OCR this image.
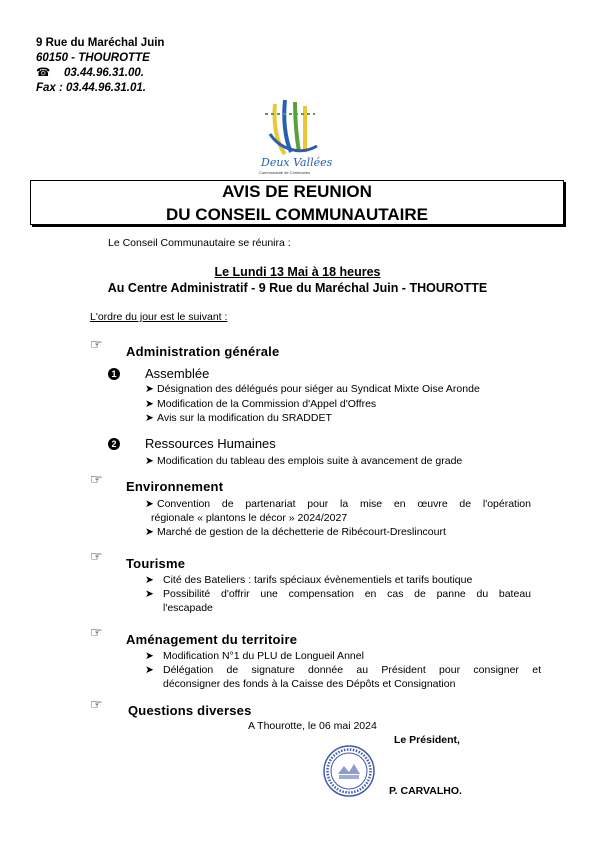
9 Rue du Maréchal Juin
60150 - THOUROTTE
☎ 03.44.96.31.00.
Fax : 03.44.96.31.01.
Deux Vallées
Communauté de Communes
AVIS DE REUNION
DU CONSEIL COMMUNAUTAIRE
Le Conseil Communautaire se réunira :
Le Lundi 13 Mai à 18 heures
Au Centre Administratif - 9 Rue du Maréchal Juin - THOUROTTE
L'ordre du jour est le suivant :
☞ Administration générale
1 Assemblée
➤ Désignation des délégués pour siéger au Syndicat Mixte Oise Aronde
➤ Modification de la Commission d'Appel d'Offres
➤ Avis sur la modification du SRADDET
2 Ressources Humaines
➤ Modification du tableau des emplois suite à avancement de grade
☞ Environnement
➤ Convention de partenariat pour la mise en œuvre de l'opération
régionale « plantons le décor » 2024/2027
➤ Marché de gestion de la déchetterie de Ribécourt-Dreslincourt
☞ Tourisme
➤ Cité des Bateliers : tarifs spéciaux évènementiels et tarifs boutique
➤ Possibilité d'offrir une compensation en cas de panne du bateau
l'escapade
☞ Aménagement du territoire
➤ Modification N°1 du PLU de Longueil Annel
➤ Délégation de signature donnée au Président pour consigner et
déconsigner des fonds à la Caisse des Dépôts et Consignation
☞ Questions diverses
A Thourotte, le 06 mai 2024
Le Président,
P. CARVALHO.
